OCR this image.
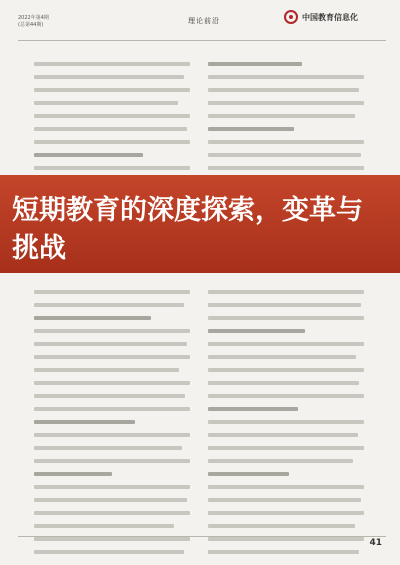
2022年第4期
(总第44期)	理论前沿	中国教育信息化
短期教育的深度探索，变革与挑战
41
